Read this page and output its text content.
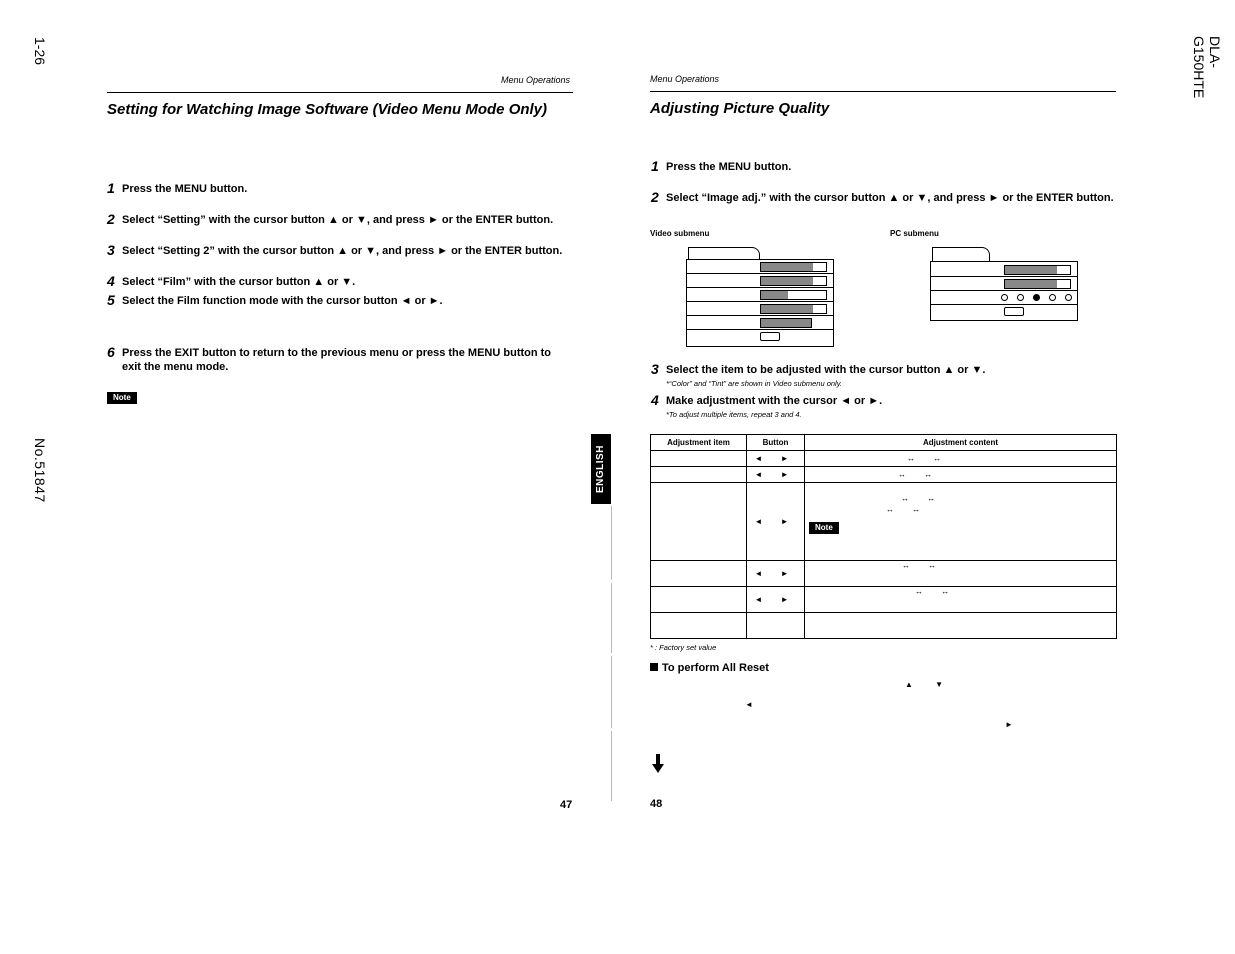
1-26
No.51847
Menu Operations
Setting for Watching Image Software (Video Menu Mode Only)
1 Press the MENU button.
2 Select “Setting” with the cursor button ▲ or ▼, and press ► or the ENTER button.
3 Select “Setting 2” with the cursor button ▲ or ▼, and press ► or the ENTER button.
4 Select “Film” with the cursor button ▲ or ▼.
5 Select the Film function mode with the cursor button ◄ or ►.
6 Press the EXIT button to return to the previous menu or press the MENU button to exit the menu mode.
Note
ENGLISH
47
DLA-G150HTE
Menu Operations
Adjusting Picture Quality
1 Press the MENU button.
2 Select “Image adj.” with the cursor button ▲ or ▼, and press ► or the ENTER button.
Video submenu	PC submenu
3 Select the item to be adjusted with the cursor button ▲ or ▼.
*“Color” and “Tint” are shown in Video submenu only.
4 Make adjustment with the cursor ◄ or ►.
*To adjust multiple items, repeat 3 and 4.
Adjustment item	Button	Adjustment content
	◄ ►	↔ ↔
	◄ ►	↔ ↔
	◄ ►	↔ ↔
↔ ↔
Note

	◄ ►	↔ ↔
	◄ ►	↔ ↔

* : Factory set value
To perform All Reset
▲ ▼
◄
►
48
